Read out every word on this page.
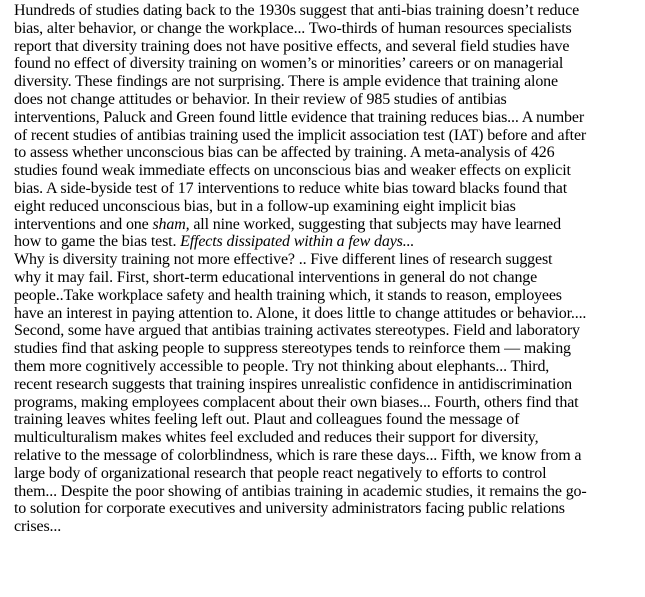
Hundreds of studies dating back to the 1930s suggest that anti-bias training doesn’t reduce
bias, alter behavior, or change the workplace... Two-thirds of human resources specialists
report that diversity training does not have positive effects, and several field studies have
found no effect of diversity training on women’s or minorities’ careers or on managerial
diversity. These findings are not surprising. There is ample evidence that training alone
does not change attitudes or behavior. In their review of 985 studies of antibias
interventions, Paluck and Green found little evidence that training reduces bias... A number
of recent studies of antibias training used the implicit association test (IAT) before and after
to assess whether unconscious bias can be affected by training. A meta-analysis of 426
studies found weak immediate effects on unconscious bias and weaker effects on explicit
bias. A side-byside test of 17 interventions to reduce white bias toward blacks found that
eight reduced unconscious bias, but in a follow-up examining eight implicit bias
interventions and one sham, all nine worked, suggesting that subjects may have learned
how to game the bias test. Effects dissipated within a few days...

Why is diversity training not more effective? .. Five different lines of research suggest
why it may fail. First, short-term educational interventions in general do not change
people..Take workplace safety and health training which, it stands to reason, employees
have an interest in paying attention to. Alone, it does little to change attitudes or behavior....
Second, some have argued that antibias training activates stereotypes. Field and laboratory
studies find that asking people to suppress stereotypes tends to reinforce them — making
them more cognitively accessible to people. Try not thinking about elephants... Third,
recent research suggests that training inspires unrealistic confidence in antidiscrimination
programs, making employees complacent about their own biases... Fourth, others find that
training leaves whites feeling left out. Plaut and colleagues found the message of
multiculturalism makes whites feel excluded and reduces their support for diversity,
relative to the message of colorblindness, which is rare these days... Fifth, we know from a
large body of organizational research that people react negatively to efforts to control
them... Despite the poor showing of antibias training in academic studies, it remains the go-
to solution for corporate executives and university administrators facing public relations
crises...
